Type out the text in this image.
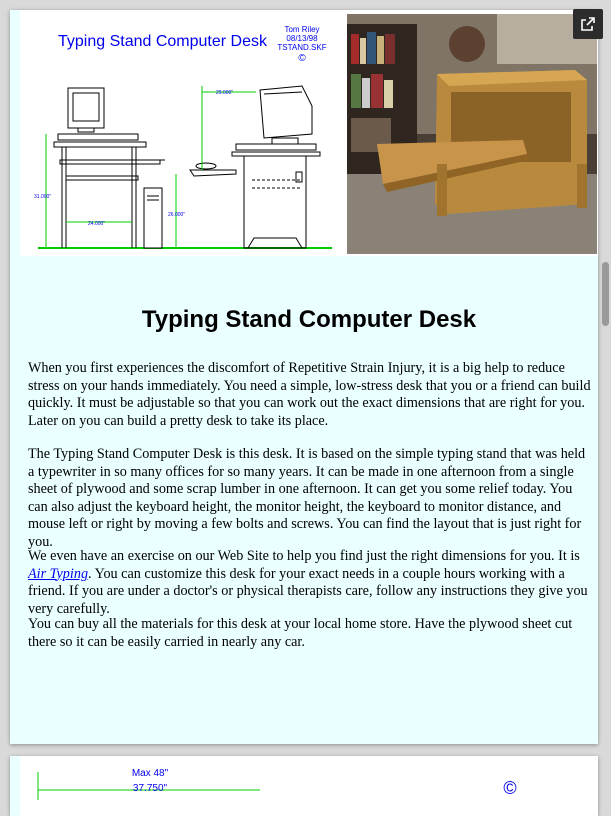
Typing Stand Computer Desk
Tom Riley
08/13/98
TSTAND.SKF
©
31.000"
24.000"
29.000"
26.000"
Typing Stand Computer Desk

When you first experiences the discomfort of Repetitive Strain Injury, it is a big help to reduce stress on your hands immediately. You need a simple, low-stress desk that you or a friend can build quickly. It must be adjustable so that you can work out the exact dimensions that are right for you. Later on you can build a pretty desk to take its place.

The Typing Stand Computer Desk is this desk. It is based on the simple typing stand that was held a typewriter in so many offices for so many years. It can be made in one afternoon from a single sheet of plywood and some scrap lumber in one afternoon. It can get you some relief today. You can also adjust the keyboard height, the monitor height, the keyboard to monitor distance, and mouse left or right by moving a few bolts and screws. You can find the layout that is just right for you.

We even have an exercise on our Web Site to help you find just the right dimensions for you. It is Air Typing. You can customize this desk for your exact needs in a couple hours working with a friend. If you are under a doctor's or physical therapists care, follow any instructions they give you very carefully.

You can buy all the materials for this desk at your local home store. Have the plywood sheet cut there so it can be easily carried in nearly any car.

Max 48"
37.750"	©
